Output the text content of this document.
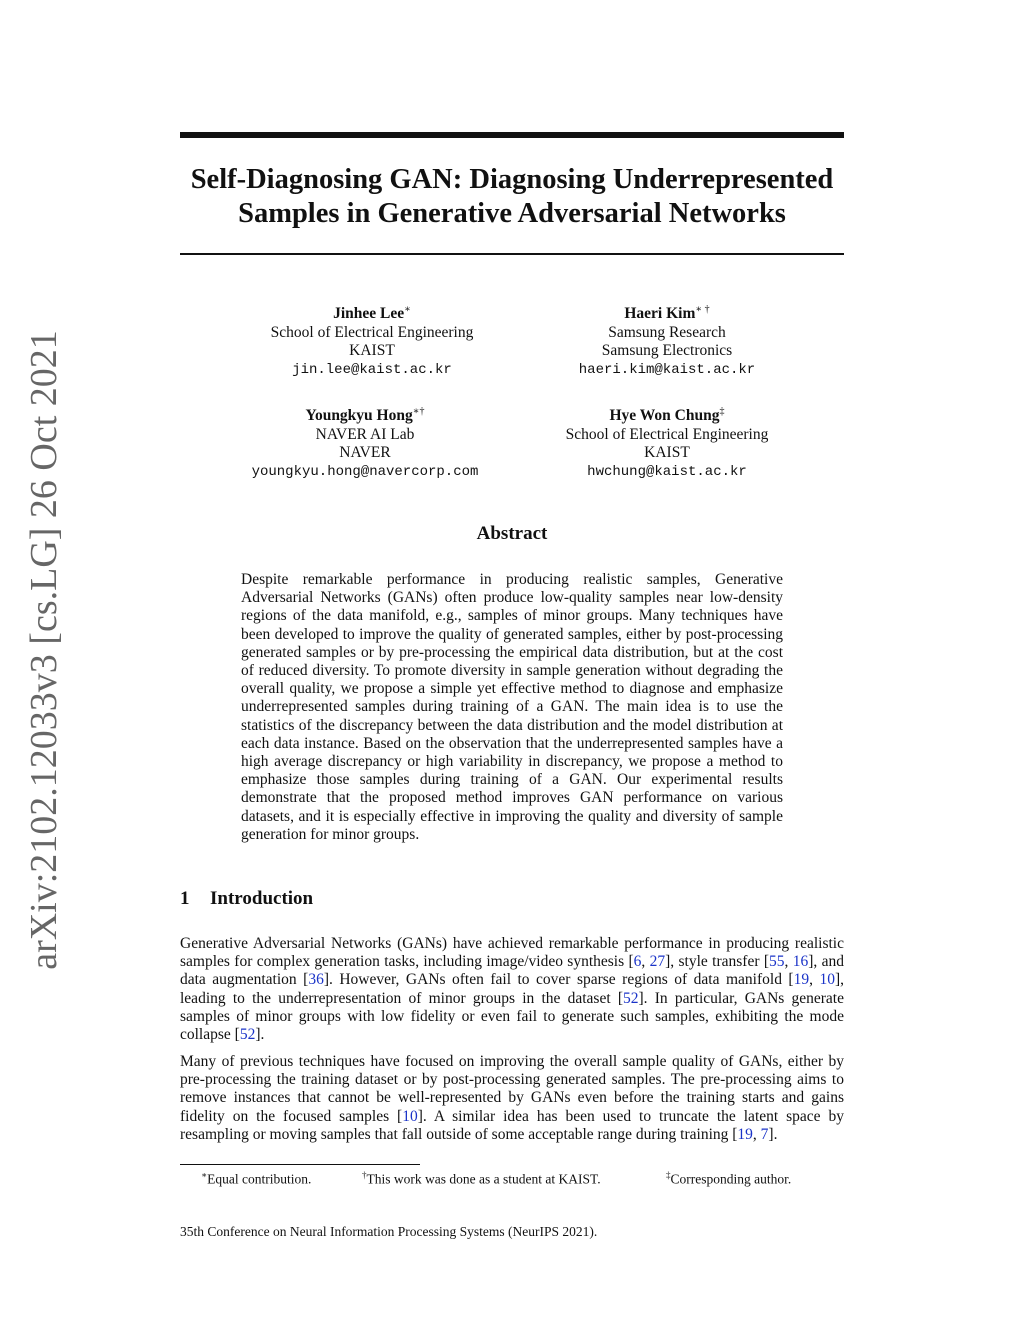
arXiv:2102.12033v3 [cs.LG] 26 Oct 2021
Self-Diagnosing GAN: Diagnosing Underrepresented Samples in Generative Adversarial Networks
Jinhee Lee∗
School of Electrical Engineering
KAIST
jin.lee@kaist.ac.kr
Haeri Kim∗ †
Samsung Research
Samsung Electronics
haeri.kim@kaist.ac.kr
Youngkyu Hong∗†
NAVER AI Lab
NAVER
youngkyu.hong@navercorp.com
Hye Won Chung‡
School of Electrical Engineering
KAIST
hwchung@kaist.ac.kr
Abstract

Despite remarkable performance in producing realistic samples, Generative Adversarial Networks (GANs) often produce low-quality samples near low-density regions of the data manifold, e.g., samples of minor groups. Many techniques have been developed to improve the quality of generated samples, either by post-processing generated samples or by pre-processing the empirical data distribution, but at the cost of reduced diversity. To promote diversity in sample generation without degrading the overall quality, we propose a simple yet effective method to diagnose and emphasize underrepresented samples during training of a GAN. The main idea is to use the statistics of the discrepancy between the data distribution and the model distribution at each data instance. Based on the observation that the underrepresented samples have a high average discrepancy or high variability in discrepancy, we propose a method to emphasize those samples during training of a GAN. Our experimental results demonstrate that the proposed method improves GAN performance on various datasets, and it is especially effective in improving the quality and diversity of sample generation for minor groups.

1 Introduction

Generative Adversarial Networks (GANs) have achieved remarkable performance in producing realistic samples for complex generation tasks, including image/video synthesis [6, 27], style transfer [55, 16], and data augmentation [36]. However, GANs often fail to cover sparse regions of data manifold [19, 10], leading to the underrepresentation of minor groups in the dataset [52]. In particular, GANs generate samples of minor groups with low fidelity or even fail to generate such samples, exhibiting the mode collapse [52].

Many of previous techniques have focused on improving the overall sample quality of GANs, either by pre-processing the training dataset or by post-processing generated samples. The pre-processing aims to remove instances that cannot be well-represented by GANs even before the training starts and gains fidelity on the focused samples [10]. A similar idea has been used to truncate the latent space by resampling or moving samples that fall outside of some acceptable range during training [19, 7].

∗Equal contribution.	†This work was done as a student at KAIST.	‡Corresponding author.
35th Conference on Neural Information Processing Systems (NeurIPS 2021).
